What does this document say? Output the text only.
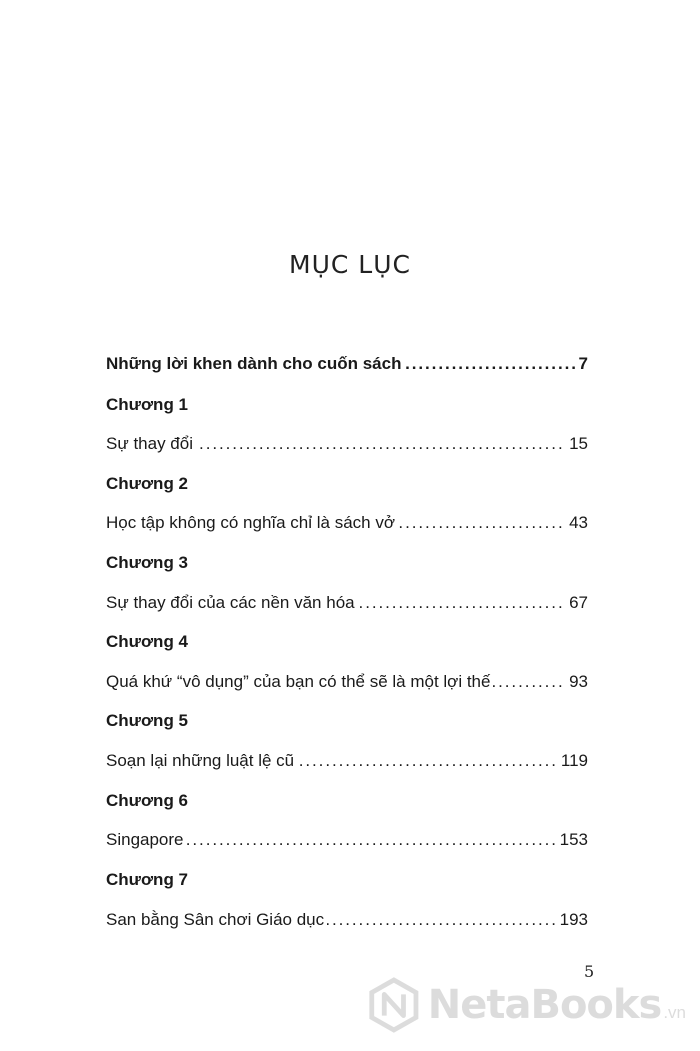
MỤC LỤC
Những lời khen dành cho cuốn sách	7
. . .
Chương 1
Sự thay đổi	15
. . .
Chương 2
Học tập không có nghĩa chỉ là sách vở	43
. . .
Chương 3
Sự thay đổi của các nền văn hóa	67
. . .
Chương 4
Quá khứ “vô dụng” của bạn có thể sẽ là một lợi thế	93
. . .
Chương 5
Soạn lại những luật lệ cũ	119
. . .
Chương 6
Singapore	153
. . .
Chương 7
San bằng Sân chơi Giáo dục	193
. . .
5
NetaBooks .vn
